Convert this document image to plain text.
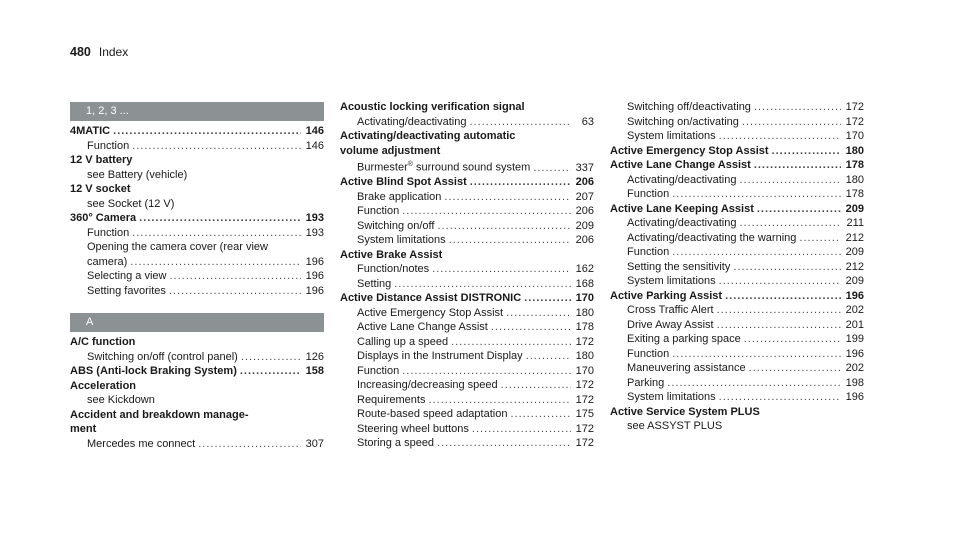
480 Index
1, 2, 3 ...
4MATIC .....	146
Function .....	146
12 V battery
see Battery (vehicle)
12 V socket
see Socket (12 V)
360° Camera .....	193
Function .....	193
Opening the camera cover (rear view
camera) .....	196
Selecting a view .....	196
Setting favorites .....	196
A
A/C function
Switching on/off (control panel) .....	126
ABS (Anti-lock Braking System) .....	158
Acceleration
see Kickdown
Accident and breakdown manage-
ment
Mercedes me connect .....	307
Acoustic locking verification signal
Activating/deactivating .....	63
Activating/deactivating automatic
volume adjustment
Burmester® surround sound system .....	337
Active Blind Spot Assist .....	206
Brake application .....	207
Function .....	206
Switching on/off .....	209
System limitations .....	206
Active Brake Assist
Function/notes .....	162
Setting .....	168
Active Distance Assist DISTRONIC .....	170
Active Emergency Stop Assist .....	180
Active Lane Change Assist .....	178
Calling up a speed .....	172
Displays in the Instrument Display .....	180
Function .....	170
Increasing/decreasing speed .....	172
Requirements .....	172
Route-based speed adaptation .....	175
Steering wheel buttons .....	172
Storing a speed .....	172
Switching off/deactivating .....	172
Switching on/activating .....	172
System limitations .....	170
Active Emergency Stop Assist .....	180
Active Lane Change Assist .....	178
Activating/deactivating .....	180
Function .....	178
Active Lane Keeping Assist .....	209
Activating/deactivating .....	211
Activating/deactivating the warning .....	212
Function .....	209
Setting the sensitivity .....	212
System limitations .....	209
Active Parking Assist .....	196
Cross Traffic Alert .....	202
Drive Away Assist .....	201
Exiting a parking space .....	199
Function .....	196
Maneuvering assistance .....	202
Parking .....	198
System limitations .....	196
Active Service System PLUS
see ASSYST PLUS
